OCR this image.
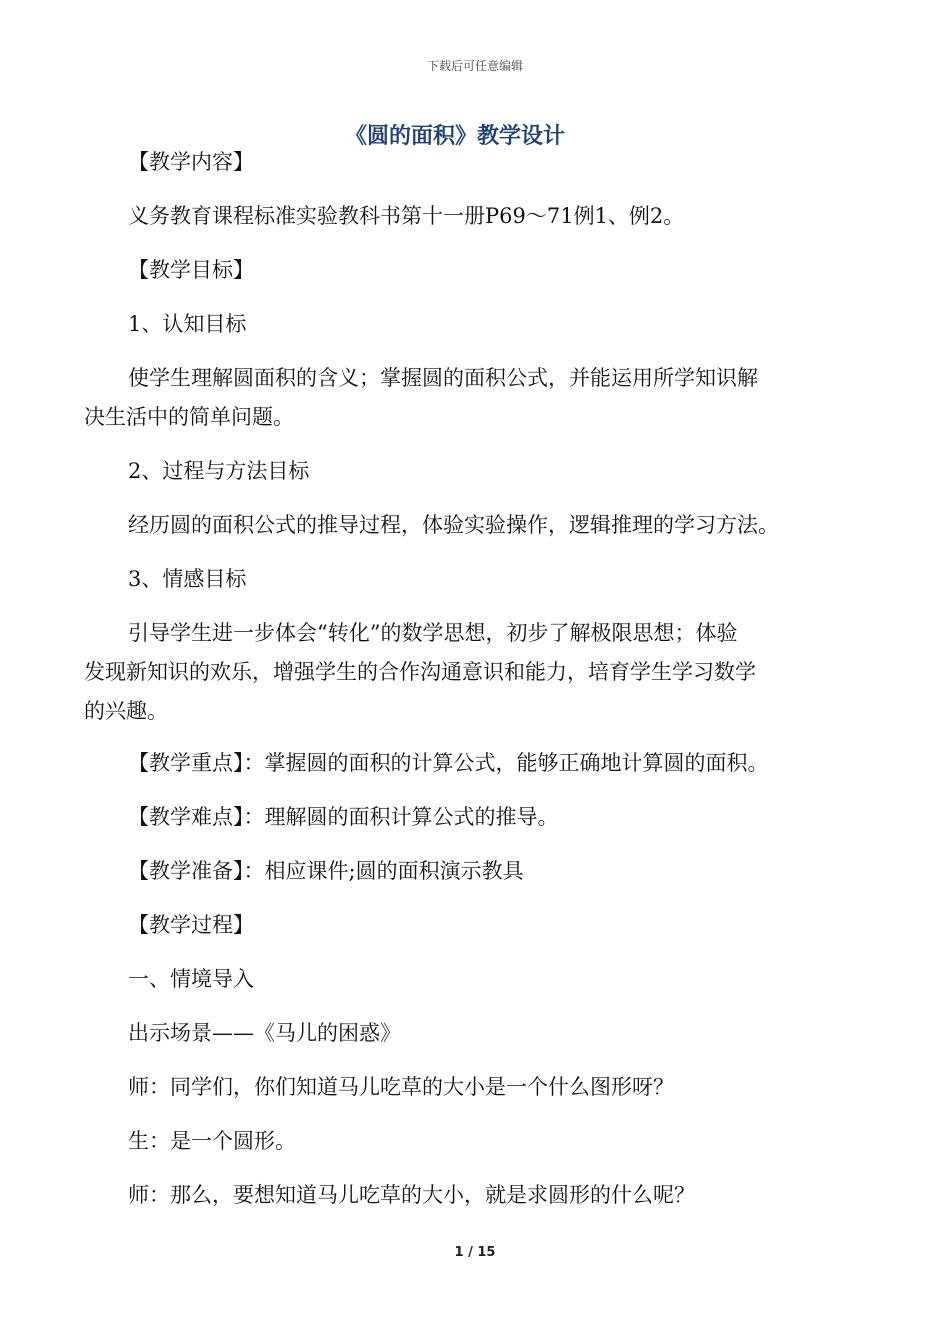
下载后可任意编辑
《圆的面积》教学设计
【教学内容】
义务教育课程标准实验教科书第十一册P69～71例1、例2。
【教学目标】
1、认知目标
使学生理解圆面积的含义；掌握圆的面积公式，并能运用所学知识解
决生活中的简单问题。
2、过程与方法目标
经历圆的面积公式的推导过程，体验实验操作，逻辑推理的学习方法。
3、情感目标
引导学生进一步体会“转化”的数学思想，初步了解极限思想；体验
发现新知识的欢乐，增强学生的合作沟通意识和能力，培育学生学习数学
的兴趣。
【教学重点】：掌握圆的面积的计算公式，能够正确地计算圆的面积。
【教学难点】：理解圆的面积计算公式的推导。
【教学准备】：相应课件;圆的面积演示教具
【教学过程】
一、情境导入
出示场景——《马儿的困惑》
师：同学们，你们知道马儿吃草的大小是一个什么图形呀？
生：是一个圆形。
师：那么，要想知道马儿吃草的大小，就是求圆形的什么呢？
1 / 15
